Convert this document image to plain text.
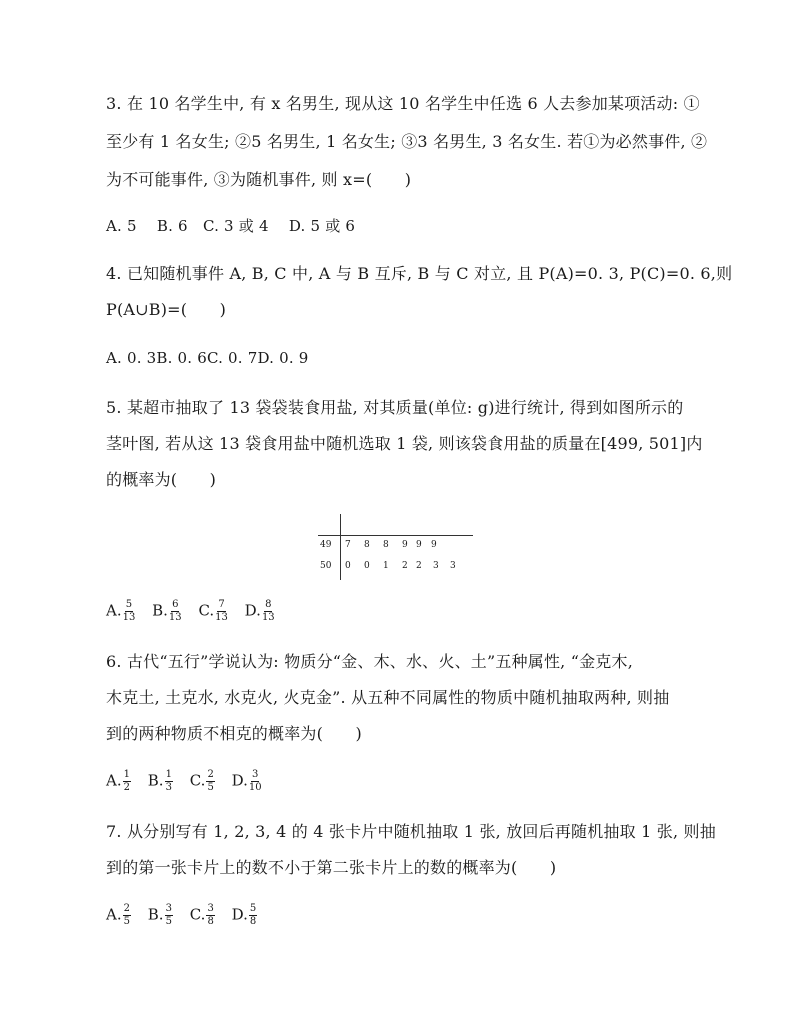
3. 在 10 名学生中, 有 x 名男生, 现从这 10 名学生中任选 6 人去参加某项活动: ①
至少有 1 名女生; ②5 名男生, 1 名女生; ③3 名男生, 3 名女生. 若①为必然事件, ②
为不可能事件, ③为随机事件, 则 x=(　　)
A. 5　 B. 6　C. 3 或 4　 D. 5 或 6
4. 已知随机事件 A, B, C 中, A 与 B 互斥, B 与 C 对立, 且 P(A)=0. 3, P(C)=0. 6,则
P(A∪B)=(　　)
A. 0. 3B. 0. 6C. 0. 7D. 0. 9
5. 某超市抽取了 13 袋袋装食用盐, 对其质量(单位: g)进行统计, 得到如图所示的
茎叶图, 若从这 13 袋食用盐中随机选取 1 袋, 则该袋食用盐的质量在[499, 501]内
的概率为(　　)
49	7 8 8 9 9 9
50	0 0 1 2 2 3 3
A. $\frac{5}{13} B$. $\frac{6}{13} C$. $\frac{7}{13} D$. $\frac{8}{13}$
6. 古代“五行”学说认为: 物质分“金、木、水、火、土”五种属性, “金克木,
木克土, 土克水, 水克火, 火克金”. 从五种不同属性的物质中随机抽取两种, 则抽
到的两种物质不相克的概率为(　　)
A. $\frac{1}{2} B$. $\frac{1}{3} C$. $\frac{2}{5} D$. $\frac{3}{10}$
7. 从分别写有 1, 2, 3, 4 的 4 张卡片中随机抽取 1 张, 放回后再随机抽取 1 张, 则抽
到的第一张卡片上的数不小于第二张卡片上的数的概率为(　　)
A. $\frac{2}{5} B$. $\frac{3}{5} C$. $\frac{3}{8} D$. $\frac{5}{8}$
